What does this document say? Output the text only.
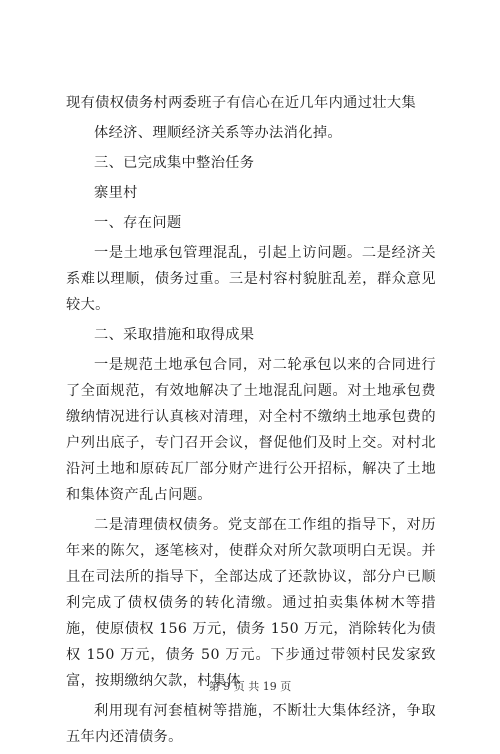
现有债权债务村两委班子有信心在近几年内通过壮大集

体经济、理顺经济关系等办法消化掉。

三、已完成集中整治任务

寨里村

一、存在问题

一是土地承包管理混乱，引起上访问题。二是经济关系难以理顺，债务过重。三是村容村貌脏乱差，群众意见较大。

二、采取措施和取得成果

一是规范土地承包合同，对二轮承包以来的合同进行了全面规范，有效地解决了土地混乱问题。对土地承包费缴纳情况进行认真核对清理，对全村不缴纳土地承包费的户列出底子，专门召开会议，督促他们及时上交。对村北沿河土地和原砖瓦厂部分财产进行公开招标，解决了土地和集体资产乱占问题。

二是清理债权债务。党支部在工作组的指导下，对历年来的陈欠，逐笔核对，使群众对所欠款项明白无误。并且在司法所的指导下，全部达成了还款协议，部分户已顺利完成了债权债务的转化清缴。通过拍卖集体树木等措施，使原债权 156 万元，债务 150 万元，消除转化为债权 150 万元，债务 50 万元。下步通过带领村民发家致富，按期缴纳欠款，村集体

利用现有河套植树等措施，不断壮大集体经济，争取五年内还清债务。

第 9 页 共 19 页
